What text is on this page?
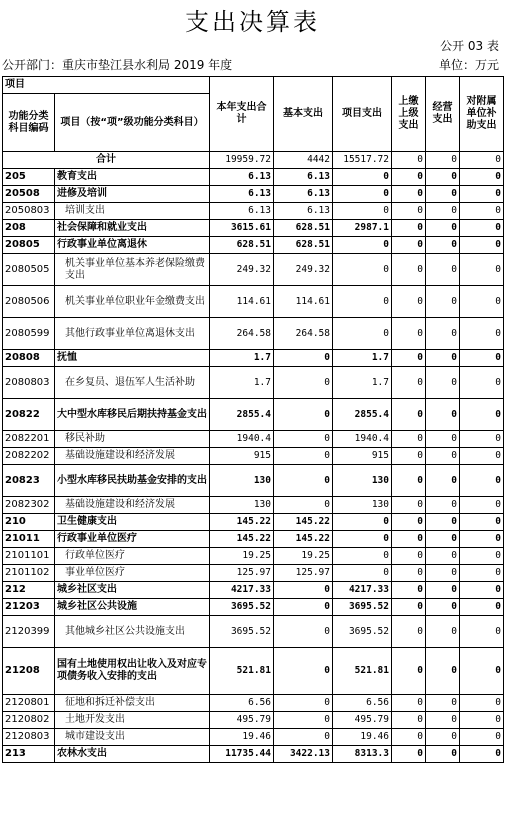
支出决算表
公开 03 表
公开部门：重庆市垫江县水利局 2019 年度	单位：万元
项目		本年支出合计	基本支出	项目支出	上缴上级支出	经营支出	对附属单位补助支出
功能分类科目编码	项目（按“项”级功能分类科目）						
合计		19959.72	4442	15517.72	0	0	0
205	教育支出	6.13	6.13	0	0	0	0
20508	进修及培训	6.13	6.13	0	0	0	0
2050803	培训支出	6.13	6.13	0	0	0	0
208	社会保障和就业支出	3615.61	628.51	2987.1	0	0	0
20805	行政事业单位离退休	628.51	628.51	0	0	0	0
2080505	机关事业单位基本养老保险缴费支出	249.32	249.32	0	0	0	0
2080506	机关事业单位职业年金缴费支出	114.61	114.61	0	0	0	0
2080599	其他行政事业单位离退休支出	264.58	264.58	0	0	0	0
20808	抚恤	1.7	0	1.7	0	0	0
2080803	在乡复员、退伍军人生活补助	1.7	0	1.7	0	0	0
20822	大中型水库移民后期扶持基金支出	2855.4	0	2855.4	0	0	0
2082201	移民补助	1940.4	0	1940.4	0	0	0
2082202	基础设施建设和经济发展	915	0	915	0	0	0
20823	小型水库移民扶助基金安排的支出	130	0	130	0	0	0
2082302	基础设施建设和经济发展	130	0	130	0	0	0
210	卫生健康支出	145.22	145.22	0	0	0	0
21011	行政事业单位医疗	145.22	145.22	0	0	0	0
2101101	行政单位医疗	19.25	19.25	0	0	0	0
2101102	事业单位医疗	125.97	125.97	0	0	0	0
212	城乡社区支出	4217.33	0	4217.33	0	0	0
21203	城乡社区公共设施	3695.52	0	3695.52	0	0	0
2120399	其他城乡社区公共设施支出	3695.52	0	3695.52	0	0	0
21208	国有土地使用权出让收入及对应专项债务收入安排的支出	521.81	0	521.81	0	0	0
2120801	征地和拆迁补偿支出	6.56	0	6.56	0	0	0
2120802	土地开发支出	495.79	0	495.79	0	0	0
2120803	城市建设支出	19.46	0	19.46	0	0	0
213	农林水支出	11735.44	3422.13	8313.3	0	0	0
